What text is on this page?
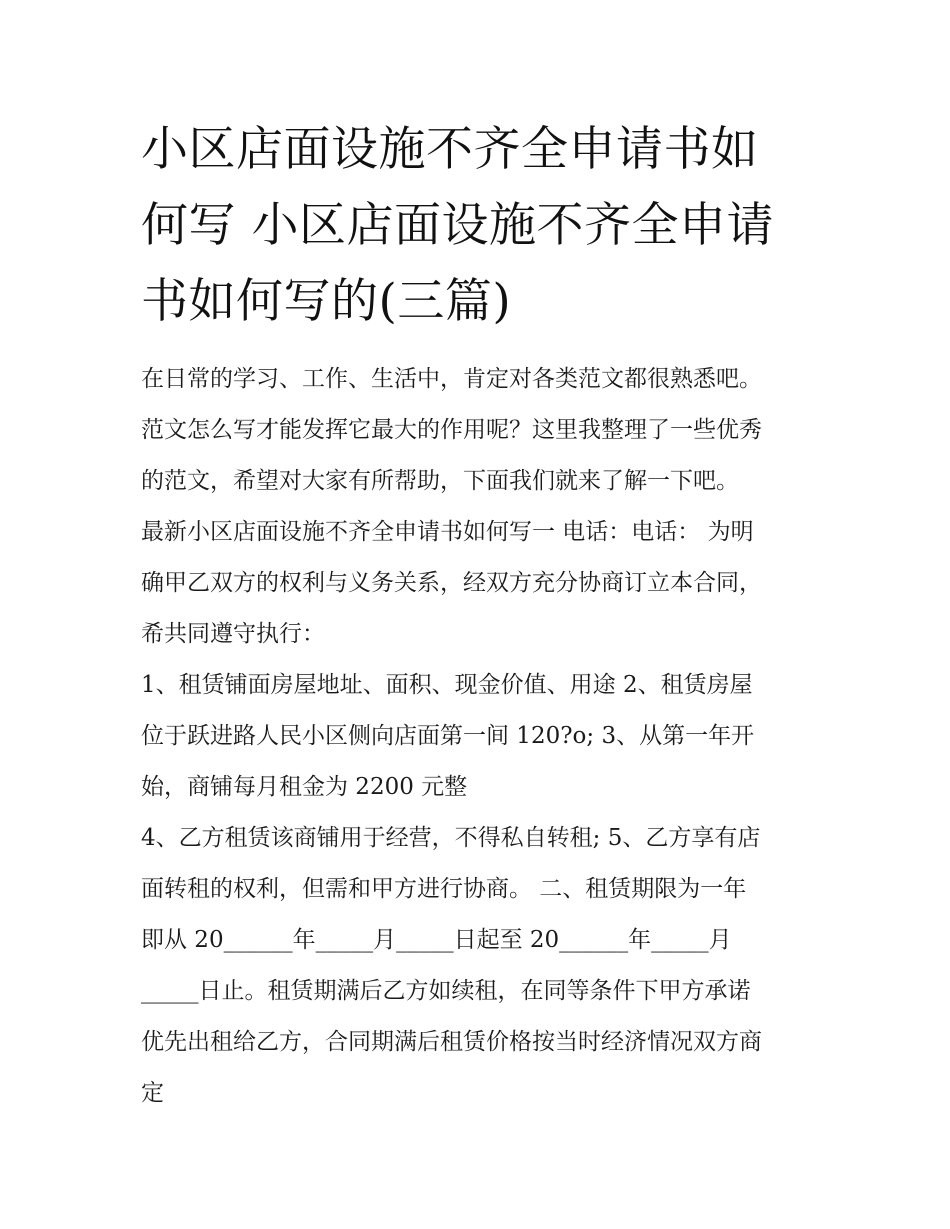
小区店面设施不齐全申请书如
何写 小区店面设施不齐全申请
书如何写的(三篇)

在日常的学习、工作、生活中，肯定对各类范文都很熟悉吧。
范文怎么写才能发挥它最大的作用呢？这里我整理了一些优秀
的范文，希望对大家有所帮助，下面我们就来了解一下吧。

最新小区店面设施不齐全申请书如何写一 电话：电话： 为明
确甲乙双方的权利与义务关系，经双方充分协商订立本合同，
希共同遵守执行：

1、租赁铺面房屋地址、面积、现金价值、用途 2、租赁房屋
位于跃进路人民小区侧向店面第一间 120?o; 3、从第一年开
始，商铺每月租金为 2200 元整

4、乙方租赁该商铺用于经营，不得私自转租; 5、乙方享有店
面转租的权利，但需和甲方进行协商。 二、租赁期限为一年
即从 20______年_____月_____日起至 20______年_____月
_____日止。租赁期满后乙方如续租，在同等条件下甲方承诺
优先出租给乙方，合同期满后租赁价格按当时经济情况双方商
定
